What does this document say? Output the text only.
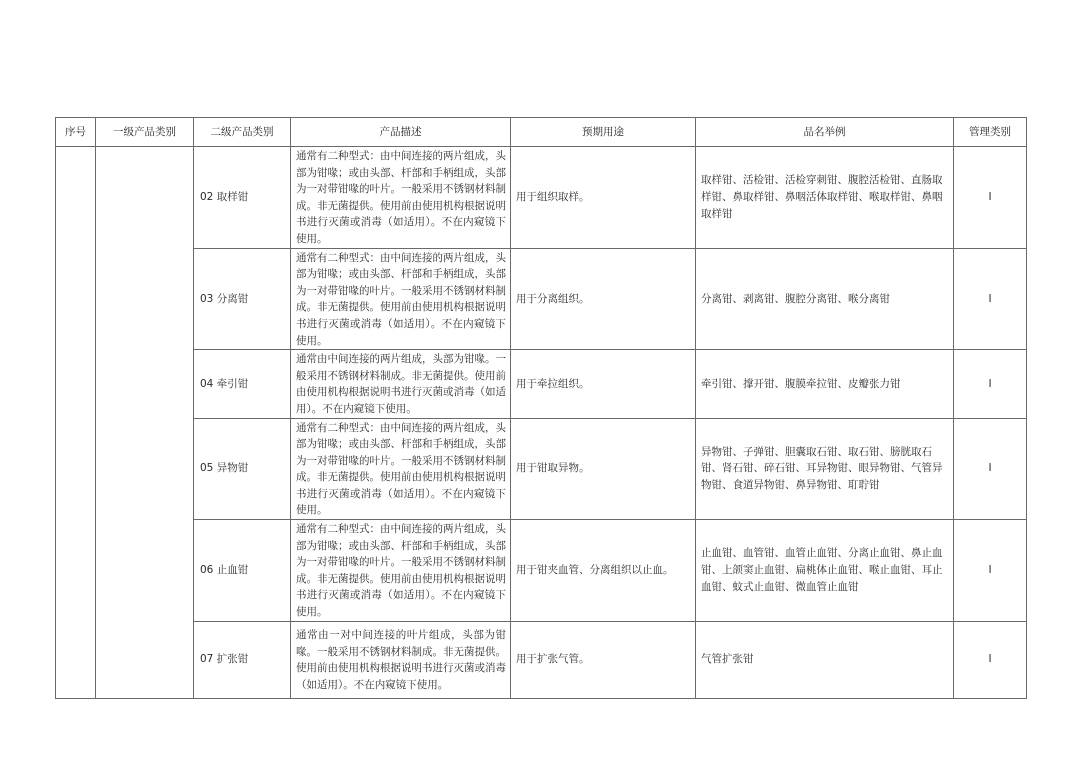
序号	一级产品类别	二级产品类别	产品描述	预期用途	品名举例	管理类别
		02 取样钳	通常有二种型式：由中间连接的两片组成，头部为钳喙；或由头部、杆部和手柄组成，头部为一对带钳喙的叶片。一般采用不锈钢材料制成。非无菌提供。使用前由使用机构根据说明书进行灭菌或消毒（如适用）。不在内窥镜下使用。	用于组织取样。	取样钳、活检钳、活检穿刺钳、腹腔活检钳、直肠取样钳、鼻取样钳、鼻咽活体取样钳、喉取样钳、鼻咽取样钳	I
		03 分离钳	通常有二种型式：由中间连接的两片组成，头部为钳喙；或由头部、杆部和手柄组成，头部为一对带钳喙的叶片。一般采用不锈钢材料制成。非无菌提供。使用前由使用机构根据说明书进行灭菌或消毒（如适用）。不在内窥镜下使用。	用于分离组织。	分离钳、剥离钳、腹腔分离钳、喉分离钳	I
		04 牵引钳	通常由中间连接的两片组成，头部为钳喙。一般采用不锈钢材料制成。非无菌提供。使用前由使用机构根据说明书进行灭菌或消毒（如适用）。不在内窥镜下使用。	用于牵拉组织。	牵引钳、撑开钳、腹膜牵拉钳、皮瓣张力钳	I
		05 异物钳	通常有二种型式：由中间连接的两片组成，头部为钳喙；或由头部、杆部和手柄组成，头部为一对带钳喙的叶片。一般采用不锈钢材料制成。非无菌提供。使用前由使用机构根据说明书进行灭菌或消毒（如适用）。不在内窥镜下使用。	用于钳取异物。	异物钳、子弹钳、胆囊取石钳、取石钳、膀胱取石钳、肾石钳、碎石钳、耳异物钳、眼异物钳、气管异物钳、食道异物钳、鼻异物钳、耵聍钳	I
		06 止血钳	通常有二种型式：由中间连接的两片组成，头部为钳喙；或由头部、杆部和手柄组成，头部为一对带钳喙的叶片。一般采用不锈钢材料制成。非无菌提供。使用前由使用机构根据说明书进行灭菌或消毒（如适用）。不在内窥镜下使用。	用于钳夹血管、分离组织以止血。	止血钳、血管钳、血管止血钳、分离止血钳、鼻止血钳、上颌窦止血钳、扁桃体止血钳、喉止血钳、耳止血钳、蚊式止血钳、微血管止血钳	I
		07 扩张钳	通常由一对中间连接的叶片组成，头部为钳喙。一般采用不锈钢材料制成。非无菌提供。使用前由使用机构根据说明书进行灭菌或消毒（如适用）。不在内窥镜下使用。	用于扩张气管。	气管扩张钳	I
